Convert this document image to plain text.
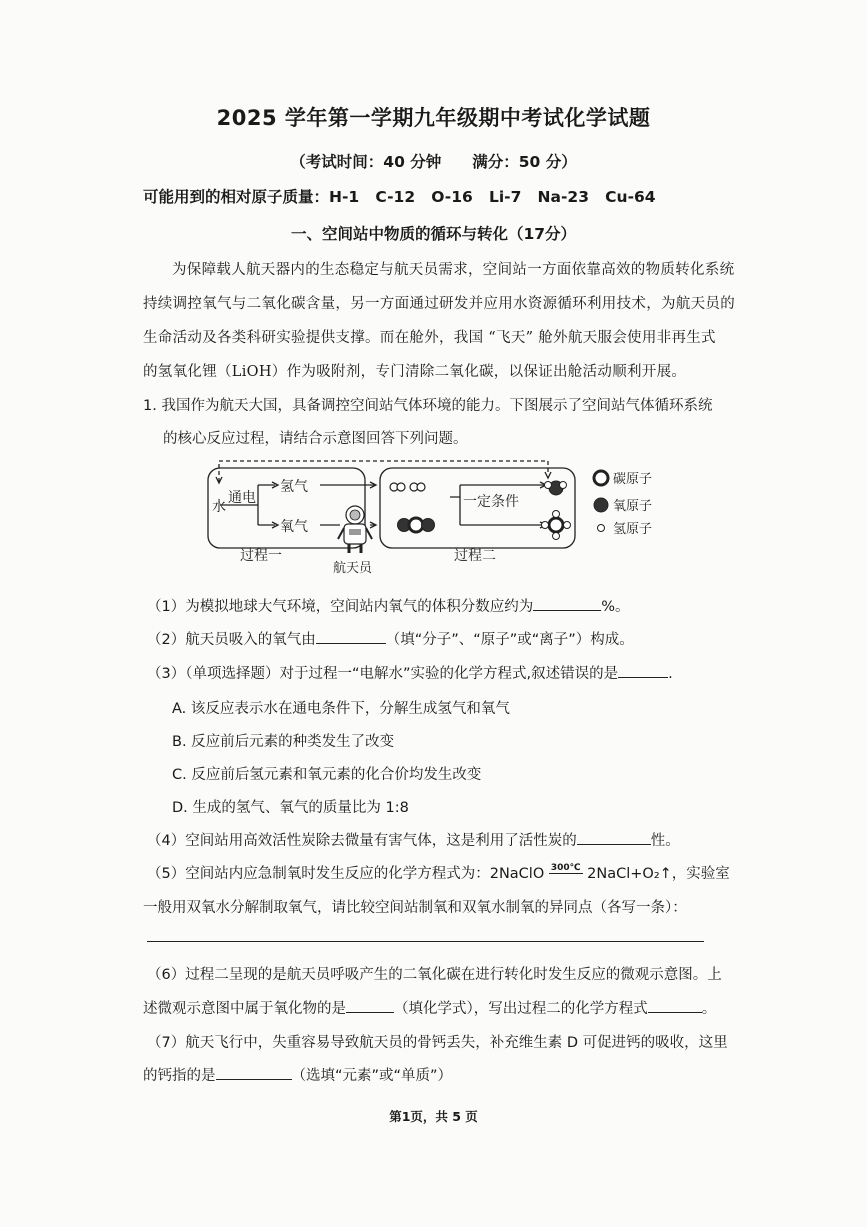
2025 学年第一学期九年级期中考试化学试题
（考试时间：40 分钟　　满分：50 分）
可能用到的相对原子质量：H-1   C-12   O-16   Li-7   Na-23   Cu-64
一、空间站中物质的循环与转化（17分）
为保障载人航天器内的生态稳定与航天员需求，空间站一方面依靠高效的物质转化系统
持续调控氧气与二氧化碳含量，另一方面通过研发并应用水资源循环利用技术，为航天员的
生命活动及各类科研实验提供支撑。而在舱外，我国 “飞天” 舱外航天服会使用非再生式
的氢氧化锂（LiOH）作为吸附剂，专门清除二氧化碳，以保证出舱活动顺利开展。
1. 我国作为航天大国，具备调控空间站气体环境的能力。下图展示了空间站气体循环系统
的核心反应过程，请结合示意图回答下列问题。
水
通电
氢气
氧气
过程一
航天员
一定条件
过程二
碳原子
氧原子
氢原子
（1）为模拟地球大气环境，空间站内氧气的体积分数应约为	%。
（2）航天员吸入的氧气由	（填“分子”、“原子”或“离子”）构成。
（3）（单项选择题）对于过程一“电解水”实验的化学方程式,叙述错误的是	.
A. 该反应表示水在通电条件下，分解生成氢气和氧气
B. 反应前后元素的种类发生了改变
C. 反应前后氢元素和氧元素的化合价均发生改变
D. 生成的氢气、氧气的质量比为 1:8
（4）空间站用高效活性炭除去微量有害气体，这是利用了活性炭的	性。
（5）空间站内应急制氧时发生反应的化学方程式为：2NaClO 300℃ 2NaCl+O₂↑，实验室
一般用双氧水分解制取氧气，请比较空间站制氧和双氧水制氧的异同点（各写一条）：
（6）过程二呈现的是航天员呼吸产生的二氧化碳在进行转化时发生反应的微观示意图。上
述微观示意图中属于氧化物的是	（填化学式），写出过程二的化学方程式	。
（7）航天飞行中，失重容易导致航天员的骨钙丢失，补充维生素 D 可促进钙的吸收，这里
的钙指的是	（选填“元素”或“单质”）
第1页，共 5 页
